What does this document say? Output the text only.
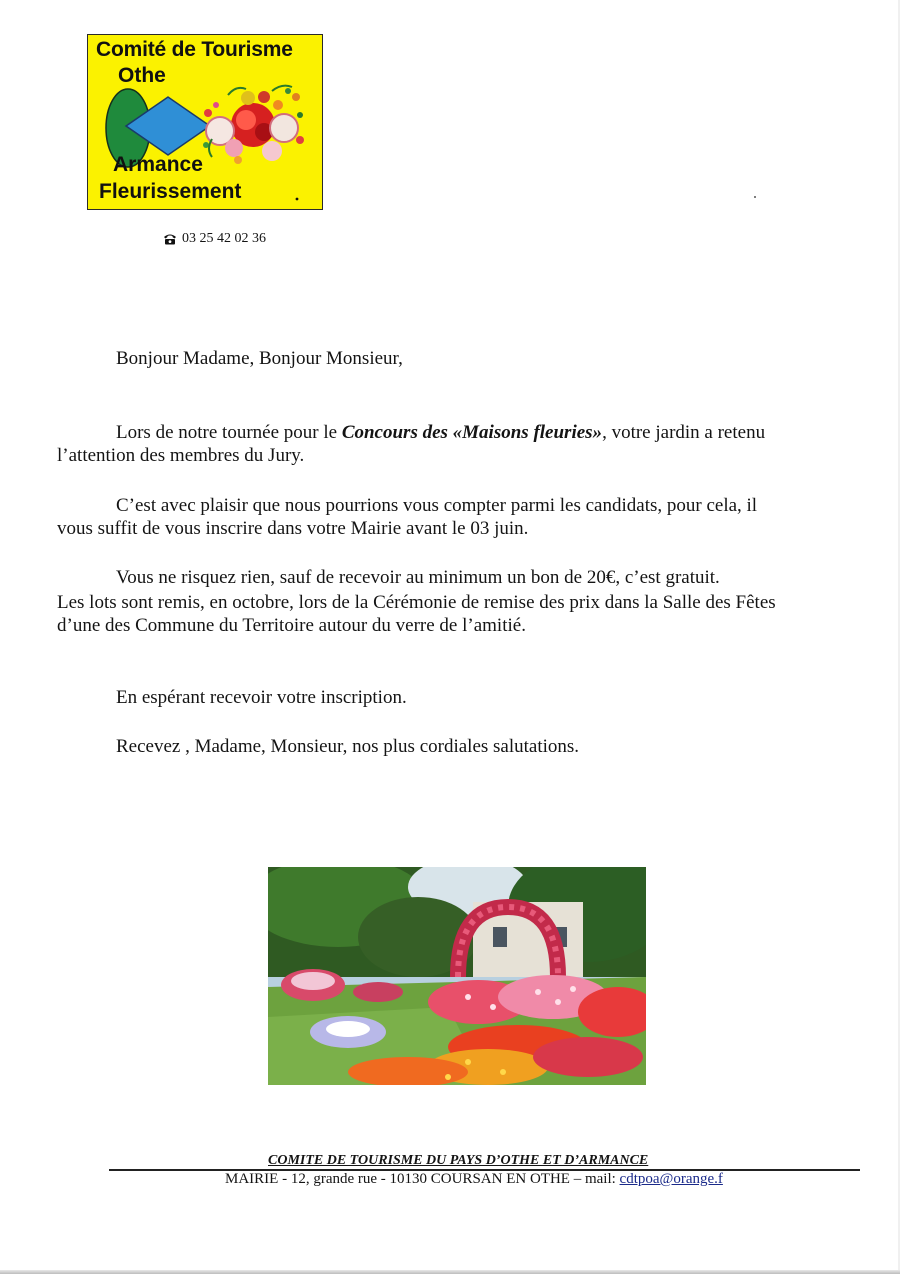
Comité de Tourisme
Othe
Armance
Fleurissement
03 25 42 02 36
Bonjour Madame, Bonjour Monsieur,
Lors de notre tournée pour le Concours des «Maisons fleuries», votre jardin a retenu
l’attention des membres du Jury.
C’est avec plaisir que nous pourrions vous compter parmi les candidats, pour cela, il
vous suffit de vous inscrire dans votre Mairie avant le 03 juin.
Vous ne risquez rien, sauf de recevoir au minimum un bon de 20€, c’est gratuit.
Les lots sont remis, en octobre, lors de la Cérémonie de remise des prix dans la Salle des Fêtes
d’une des Commune du Territoire autour du verre de l’amitié.
En espérant recevoir votre inscription.
Recevez , Madame, Monsieur, nos plus cordiales salutations.
COMITE DE TOURISME DU PAYS D’OTHE ET D’ARMANCE
MAIRIE - 12, grande rue - 10130 COURSAN EN OTHE – mail: cdtpoa@orange.f
